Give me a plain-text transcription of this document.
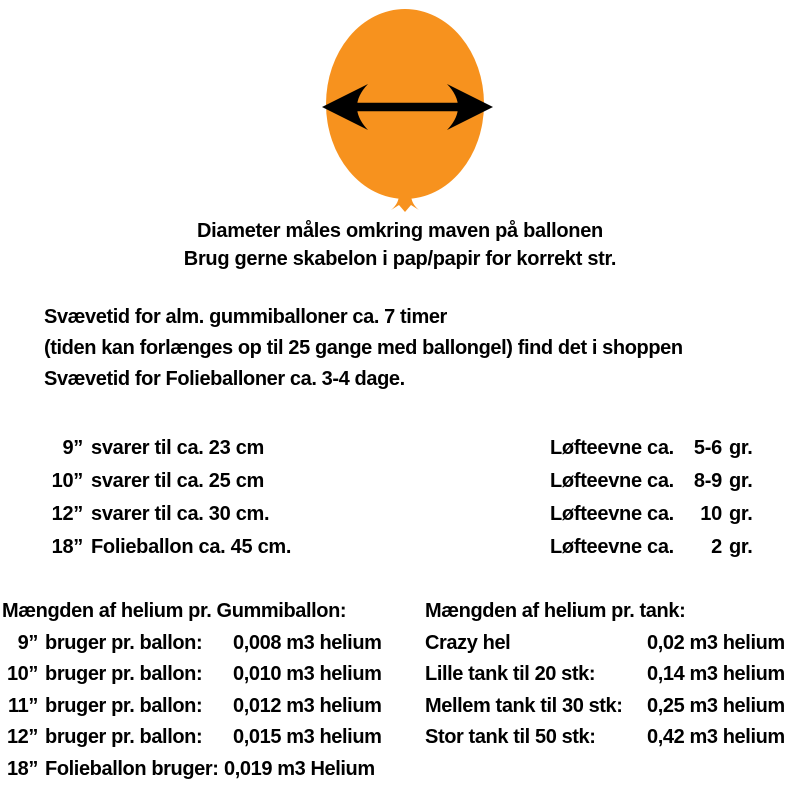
Diameter måles omkring maven på ballonen
Brug gerne skabelon i pap/papir for korrekt str.
Svævetid for alm. gummiballoner ca. 7 timer
(tiden kan forlænges op til 25 gange med ballongel) find det i shoppen
Svævetid for Folieballoner ca. 3-4 dage.
9” svarer til ca. 23 cm	Løfteevne ca. 5-6 gr.
10” svarer til ca. 25 cm	Løfteevne ca. 8-9 gr.
12” svarer til ca. 30 cm.	Løfteevne ca. 10 gr.
18” Folieballon ca. 45 cm.	Løfteevne ca. 2 gr.
Mængden af helium pr. Gummiballon:
9” bruger pr. ballon: 0,008 m3 helium
10” bruger pr. ballon: 0,010 m3 helium
11” bruger pr. ballon: 0,012 m3 helium
12” bruger pr. ballon: 0,015 m3 helium
18” Folieballon bruger: 0,019 m3 Helium
Mængden af helium pr. tank:
Crazy hel	0,02 m3 helium
Lille tank til 20 stk:	0,14 m3 helium
Mellem tank til 30 stk: 0,25 m3 helium
Stor tank til 50 stk:	0,42 m3 helium
